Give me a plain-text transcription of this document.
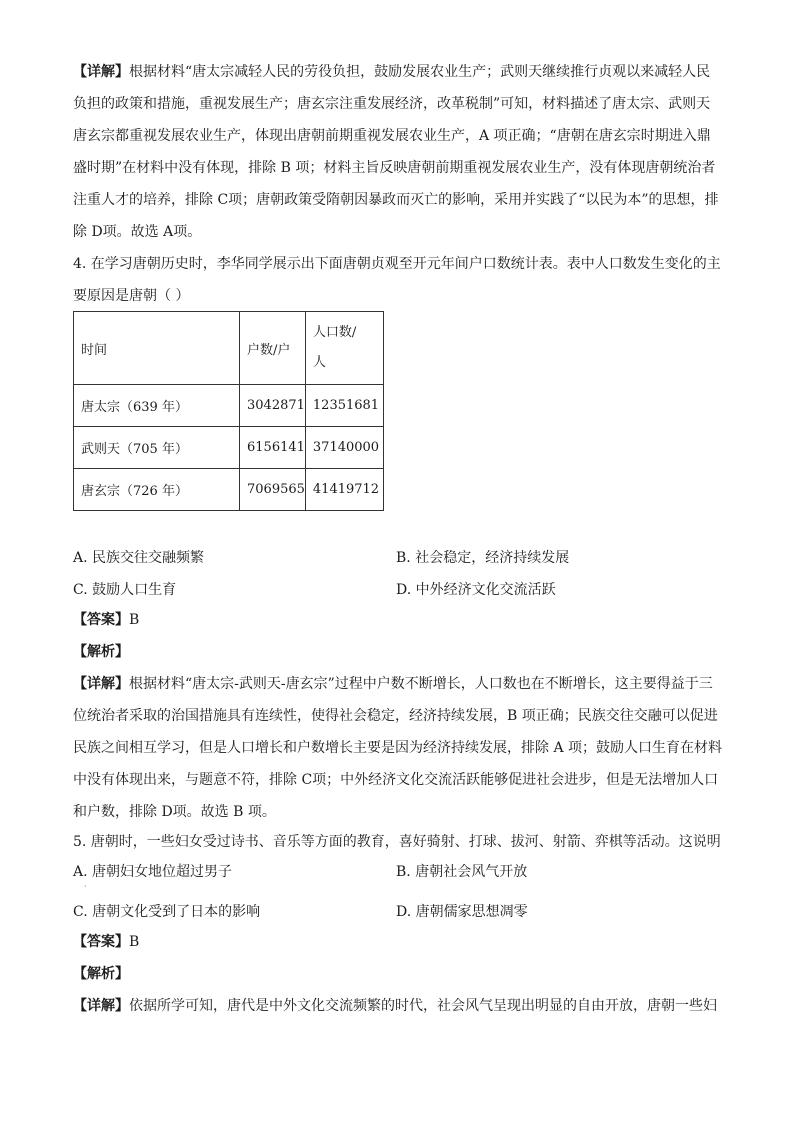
【详解】根据材料“唐太宗减轻人民的劳役负担，鼓励发展农业生产；武则天继续推行贞观以来减轻人民
负担的政策和措施，重视发展生产；唐玄宗注重发展经济，改革税制”可知，材料描述了唐太宗、武则天
唐玄宗都重视发展农业生产，体现出唐朝前期重视发展农业生产，A 项正确；“唐朝在唐玄宗时期进入鼎
盛时期”在材料中没有体现，排除 B 项；材料主旨反映唐朝前期重视发展农业生产，没有体现唐朝统治者
注重人才的培养，排除 C项；唐朝政策受隋朝因暴政而灭亡的影响，采用并实践了“以民为本”的思想，排
除 D项。故选 A项。
4. 在学习唐朝历史时，李华同学展示出下面唐朝贞观至开元年间户口数统计表。表中人口数发生变化的主
要原因是唐朝（ ）
时间	户数/户	人口数/
人
唐太宗（639 年）	3042871	12351681
武则天（705 年）	6156141	37140000
唐玄宗（726 年）	7069565	41419712
A. 民族交往交融频繁	B. 社会稳定，经济持续发展
C. 鼓励人口生育	D. 中外经济文化交流活跃
【答案】B
【解析】
【详解】根据材料“唐太宗-武则天-唐玄宗”过程中户数不断增长，人口数也在不断增长，这主要得益于三
位统治者采取的治国措施具有连续性，使得社会稳定，经济持续发展，B 项正确；民族交往交融可以促进
民族之间相互学习，但是人口增长和户数增长主要是因为经济持续发展，排除 A 项；鼓励人口生育在材料
中没有体现出来，与题意不符，排除 C项；中外经济文化交流活跃能够促进社会进步，但是无法增加人口
和户数，排除 D项。故选 B 项。
5. 唐朝时，一些妇女受过诗书、音乐等方面的教育，喜好骑射、打球、拔河、射箭、弈棋等活动。这说明
A. 唐朝妇女地位超过男子	B. 唐朝社会风气开放
·
C. 唐朝文化受到了日本的影响	D. 唐朝儒家思想凋零
【答案】B
【解析】
【详解】依据所学可知，唐代是中外文化交流频繁的时代，社会风气呈现出明显的自由开放，唐朝一些妇
